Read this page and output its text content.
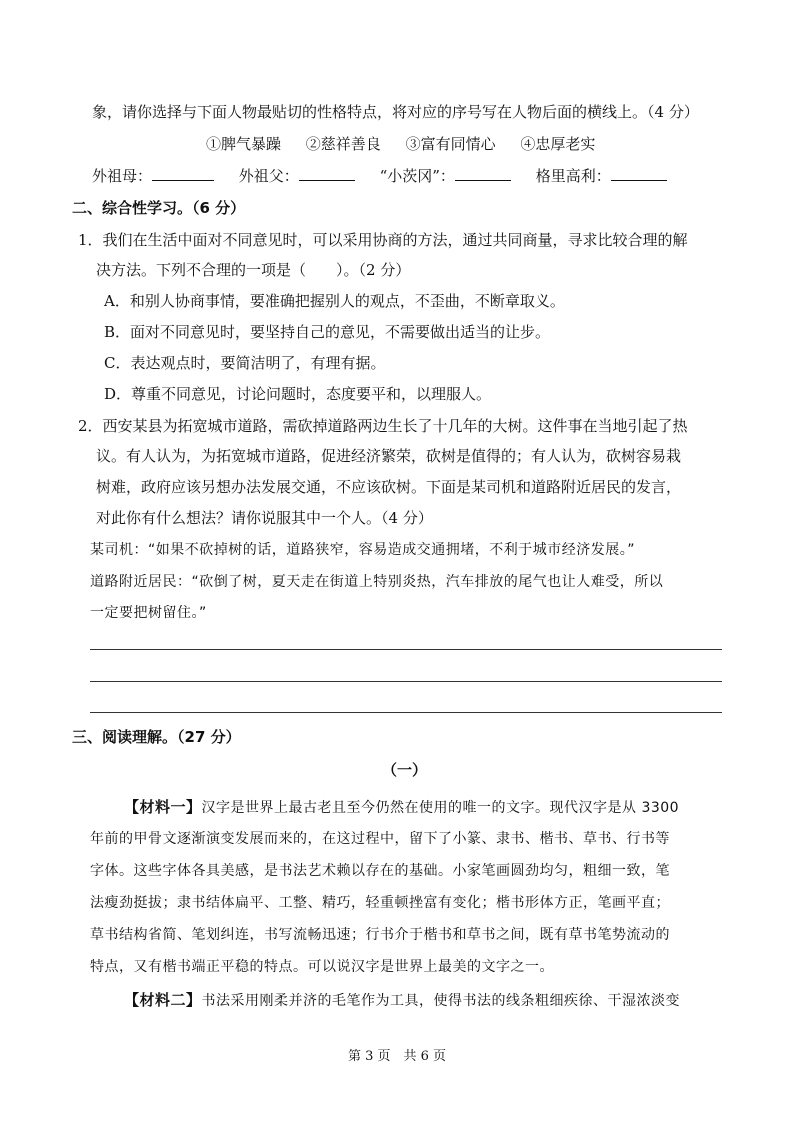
象，请你选择与下面人物最贴切的性格特点，将对应的序号写在人物后面的横线上。（4 分）
①脾气暴躁 ②慈祥善良 ③富有同情心 ④忠厚老实
外祖母：	外祖父：	“小茨冈”：	格里高利：
二、综合性学习。（6 分）
1．我们在生活中面对不同意见时，可以采用协商的方法，通过共同商量，寻求比较合理的解
决方法。下列不合理的一项是（　　）。（2 分）
A．和别人协商事情，要准确把握别人的观点，不歪曲，不断章取义。
B．面对不同意见时，要坚持自己的意见，不需要做出适当的让步。
C．表达观点时，要简洁明了，有理有据。
D．尊重不同意见，讨论问题时，态度要平和，以理服人。
2．西安某县为拓宽城市道路，需砍掉道路两边生长了十几年的大树。这件事在当地引起了热
议。有人认为，为拓宽城市道路，促进经济繁荣，砍树是值得的；有人认为，砍树容易栽
树难，政府应该另想办法发展交通，不应该砍树。下面是某司机和道路附近居民的发言，
对此你有什么想法？请你说服其中一个人。（4 分）
某司机：“如果不砍掉树的话，道路狭窄，容易造成交通拥堵，不利于城市经济发展。”
道路附近居民：“砍倒了树，夏天走在街道上特别炎热，汽车排放的尾气也让人难受，所以
一定要把树留住。”
三、阅读理解。（27 分）
（一）
【材料一】汉字是世界上最古老且至今仍然在使用的唯一的文字。现代汉字是从 3300
年前的甲骨文逐渐演变发展而来的，在这过程中，留下了小篆、隶书、楷书、草书、行书等
字体。这些字体各具美感，是书法艺术赖以存在的基础。小家笔画圆劲均匀，粗细一致，笔
法瘦劲挺拔；隶书结体扁平、工整、精巧，轻重顿挫富有变化；楷书形体方正，笔画平直；
草书结构省简、笔划纠连，书写流畅迅速；行书介于楷书和草书之间，既有草书笔势流动的
特点，又有楷书端正平稳的特点。可以说汉字是世界上最美的文字之一。
【材料二】书法采用刚柔并济的毛笔作为工具，使得书法的线条粗细疾徐、干湿浓淡变
第 3 页　共 6 页
